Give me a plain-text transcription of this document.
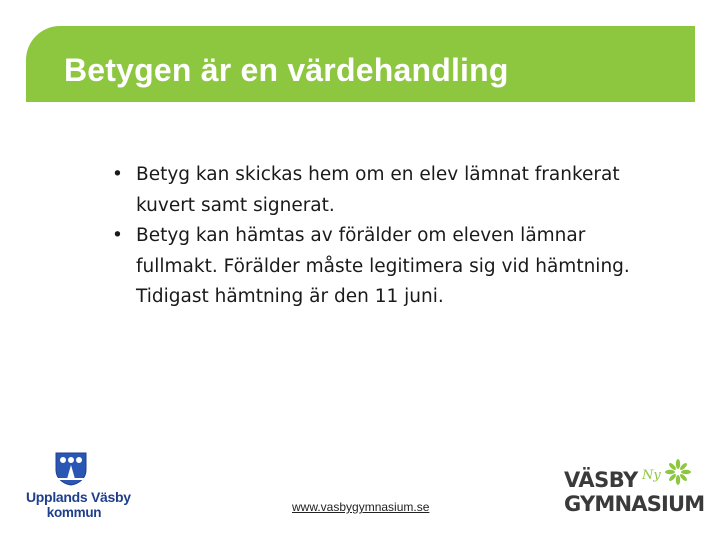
Betygen är en värdehandling
• Betyg kan skickas hem om en elev lämnat frankerat kuvert samt signerat.
• Betyg kan hämtas av förälder om eleven lämnar fullmakt. Förälder måste legitimera sig vid hämtning. Tidigast hämtning är den 11 juni.
Upplands Väsby
kommun	www.vasbygymnasium.se
VÄSBY Ny
GYMNASIUM
